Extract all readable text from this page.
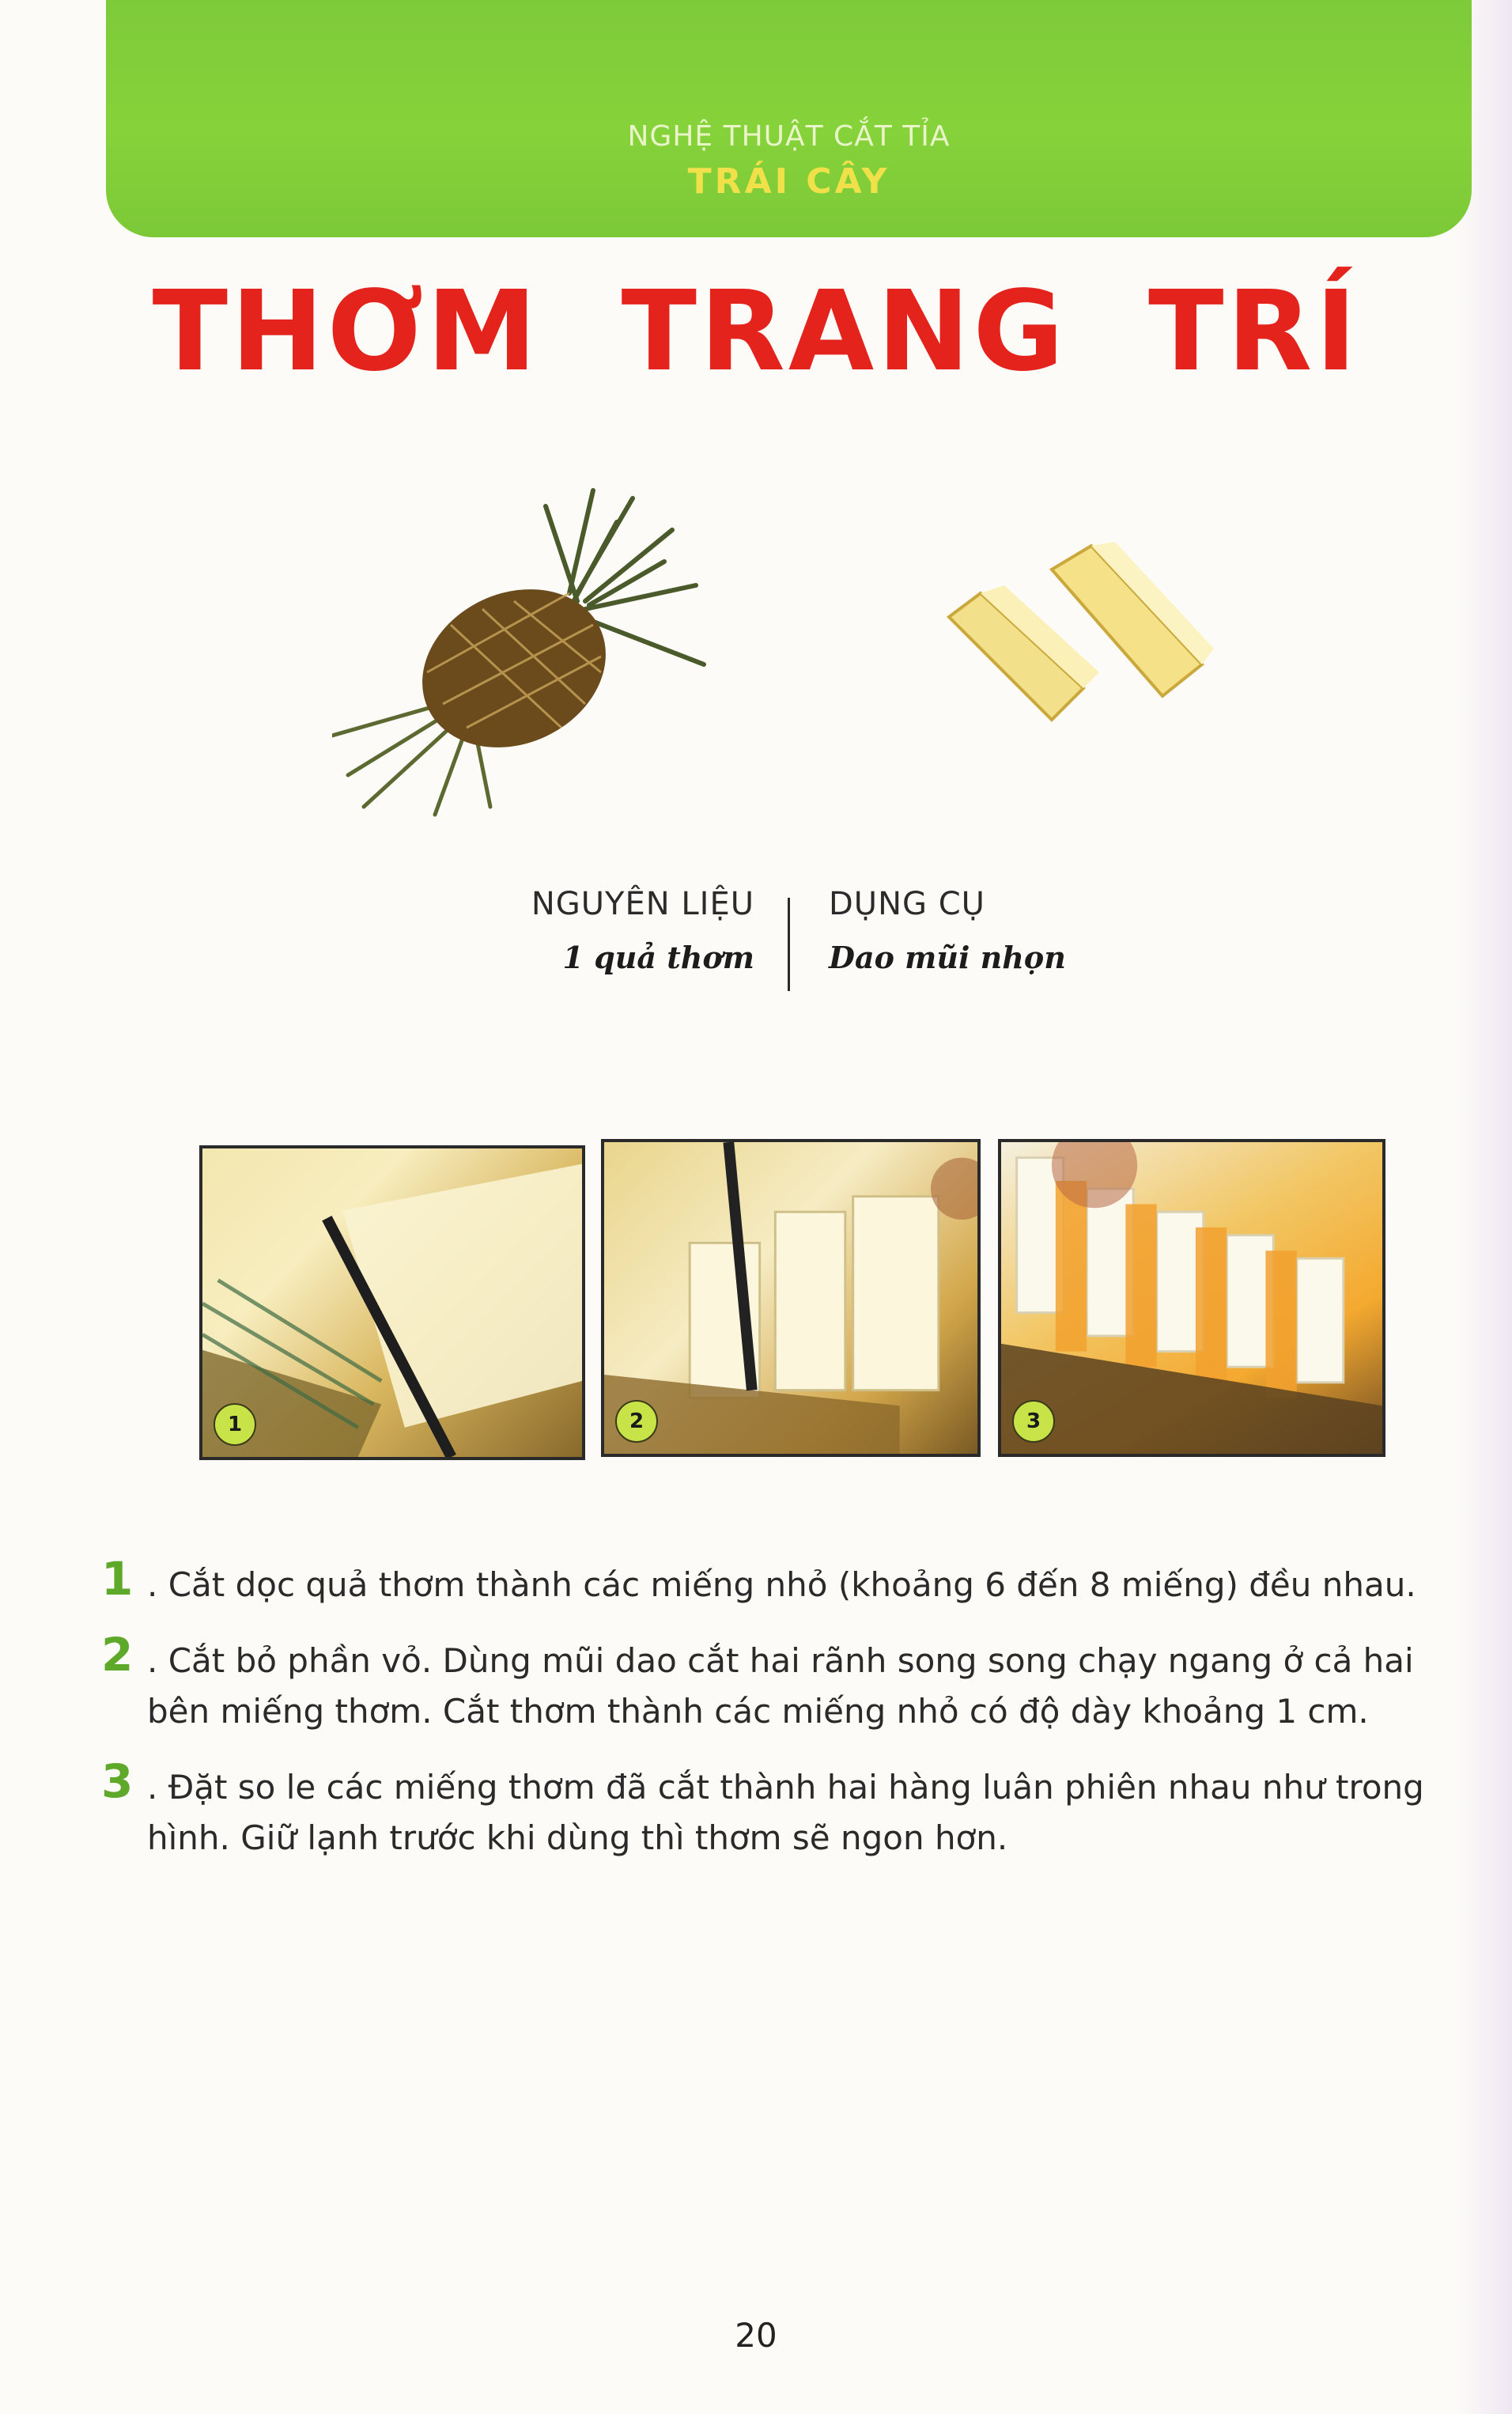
NGHỆ THUẬT CẮT TỈA
TRÁI CÂY
THƠM TRANG TRÍ
NGUYÊN LIỆU
1 quả thơm
DỤNG CỤ
Dao mũi nhọn
1	2	3
1 . Cắt dọc quả thơm thành các miếng nhỏ (khoảng 6 đến 8 miếng) đều nhau.
2 . Cắt bỏ phần vỏ. Dùng mũi dao cắt hai rãnh song song chạy ngang ở cả hai bên miếng thơm. Cắt thơm thành các miếng nhỏ có độ dày khoảng 1 cm.
3 . Đặt so le các miếng thơm đã cắt thành hai hàng luân phiên nhau như trong hình. Giữ lạnh trước khi dùng thì thơm sẽ ngon hơn.
20
